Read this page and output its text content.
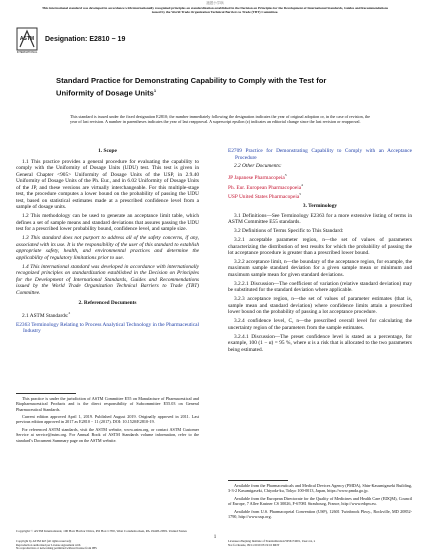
跑题小学埚
This international standard was developed in accordance with internationally recognized principles on standardization established in the Decision on Principles for the Development of International Standards, Guides and Recommendations issued by the World Trade Organization Technical Barriers to Trade (TBT) Committee.
ASTM
INTERNATIONAL
Designation: E2810 − 19
Standard Practice for Demonstrating Capability to Comply with the Test for Uniformity of Dosage Units$^1$
This standard is issued under the fixed designation E2810; the number immediately following the designation indicates the year of original adoption or, in the case of revision, the year of last revision. A number in parentheses indicates the year of last reapproval. A superscript epsilon (ε) indicates an editorial change since the last revision or reapproval.
1. Scope

1.1 This practice provides a general procedure for evaluating the capability to comply with the Uniformity of Dosage Units (UDU) test. This test is given in General Chapter <905> Uniformity of Dosage Units of the USP, in 2.9.40 Uniformity of Dosage Units of the Ph. Eur., and in 6.02 Uniformity of Dosage Units of the JP, and these versions are virtually interchangeable. For this multiple-stage test, the procedure computes a lower bound on the probability of passing the UDU test, based on statistical estimates made at a prescribed confidence level from a sample of dosage units.

1.2 This methodology can be used to generate an acceptance limit table, which defines a set of sample means and standard deviations that assures passing the UDU test for a prescribed lower probability bound, confidence level, and sample size.

1.3 This standard does not purport to address all of the safety concerns, if any, associated with its use. It is the responsibility of the user of this standard to establish appropriate safety, health, and environmental practices and determine the applicability of regulatory limitations prior to use.

1.4 This international standard was developed in accordance with internationally recognized principles on standardization established in the Decision on Principles for the Development of International Standards, Guides and Recommendations issued by the World Trade Organization Technical Barriers to Trade (TBT) Committee.

2. Referenced Documents

2.1 ASTM Standards:$^2$

E2363 Terminology Relating to Process Analytical Technology in the Pharmaceutical Industry

This practice is under the jurisdiction of ASTM Committee E55 on Manufacture of Pharmaceutical and Biopharmaceutical Products and is the direct responsibility of Subcommittee E55.03 on General Pharmaceutical Standards.

Current edition approved April 1, 2019. Published August 2019. Originally approved in 2011. Last previous edition approved in 2017 as E2810 − 11 (2017). DOI: 10.1520/E2810-19.

For referenced ASTM standards, visit the ASTM website, www.astm.org, or contact ASTM Customer Service at service@astm.org. For Annual Book of ASTM Standards volume information, refer to the standard’s Document Summary page on the ASTM website.

E2709 Practice for Demonstrating Capability to Comply with an Acceptance Procedure

2.2 Other Documents:

JP Japanese Pharmacopeia$^3$
Ph. Eur. European Pharmacopoeia$^4$
USP United States Pharmacopeia$^5$
3. Terminology

3.1 Definitions—See Terminology E2363 for a more extensive listing of terms in ASTM Committee E55 standards.

3.2 Definitions of Terms Specific to This Standard:

3.2.1 acceptable parameter region, n—the set of values of parameters characterizing the distribution of test results for which the probability of passing the lot acceptance procedure is greater than a prescribed lower bound.

3.2.2 acceptance limit, n—the boundary of the acceptance region, for example, the maximum sample standard deviation for a given sample mean or minimum and maximum sample mean for given standard deviations.

3.2.2.1 Discussion—The coefficient of variation (relative standard deviation) may be substituted for the standard deviation where applicable.

3.2.3 acceptance region, n—the set of values of parameter estimates (that is, sample mean and standard deviation) where confidence limits attain a prescribed lower bound on the probability of passing a lot acceptance procedure.

3.2.4 confidence level, C, n—the prescribed overall level for calculating the uncertainty region of the parameters from the sample estimates.

3.2.4.1 Discussion—The preset confidence level is stated as a percentage, for example, 100 (1 − α) = 95 %, where α is a risk that is allocated to the two parameters being estimated.

Available from the Pharmaceuticals and Medical Devices Agency (PMDA), Shin-Kasumigaseki Building, 3-3-2 Kasumigaseki, Chiyoda-ku, Tokyo 100-0013, Japan, https://www.pmda.go.jp.

Available from the European Directorate for the Quality of Medicines and Health Care (EDQM), Council of Europe, 7 Allee Kastner CS 30026, F-67081 Strasbourg, France, http://www.edqm.eu.

Available from U.S. Pharmacopeial Convention (USP), 12601 Twinbrook Pkwy., Rockville, MD 20852-1790, http://www.usp.org.

Copyright © ASTM International, 100 Barr Harbor Drive, PO Box C700, West Conshohocken, PA 19428-2959. United States
1
Copyright by ASTM Int'l (all rights reserved);
Reproduction authorized per License Agreement with
No reproduction or networking permitted without license from IHS
Licensee=Zhejiang Institute of Standardization/5956174001, User=xx, x
Not for Resale, 09/11/2019 03:19:16 MDT
